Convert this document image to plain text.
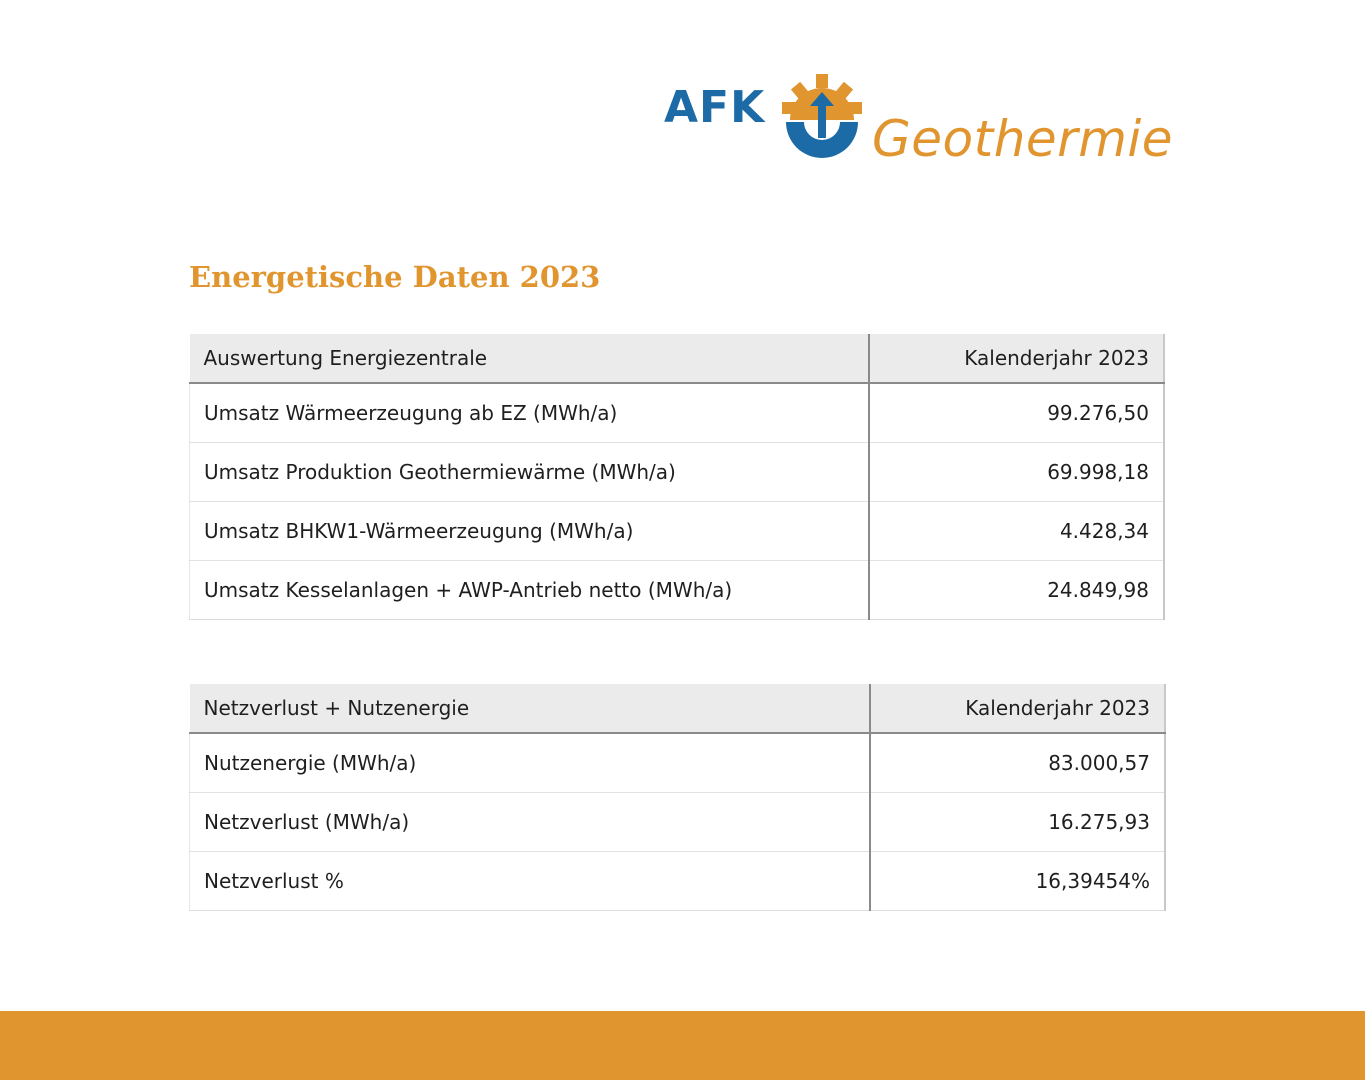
AFK
Geothermie
Energetische Daten 2023
Auswertung Energiezentrale	Kalenderjahr 2023
Umsatz Wärmeerzeugung ab EZ (MWh/a)	99.276,50
Umsatz Produktion Geothermiewärme (MWh/a)	69.998,18
Umsatz BHKW1-Wärmeerzeugung (MWh/a)	4.428,34
Umsatz Kesselanlagen + AWP-Antrieb netto (MWh/a)	24.849,98
Netzverlust + Nutzenergie	Kalenderjahr 2023
Nutzenergie (MWh/a)	83.000,57
Netzverlust (MWh/a)	16.275,93
Netzverlust %	16,39454%
